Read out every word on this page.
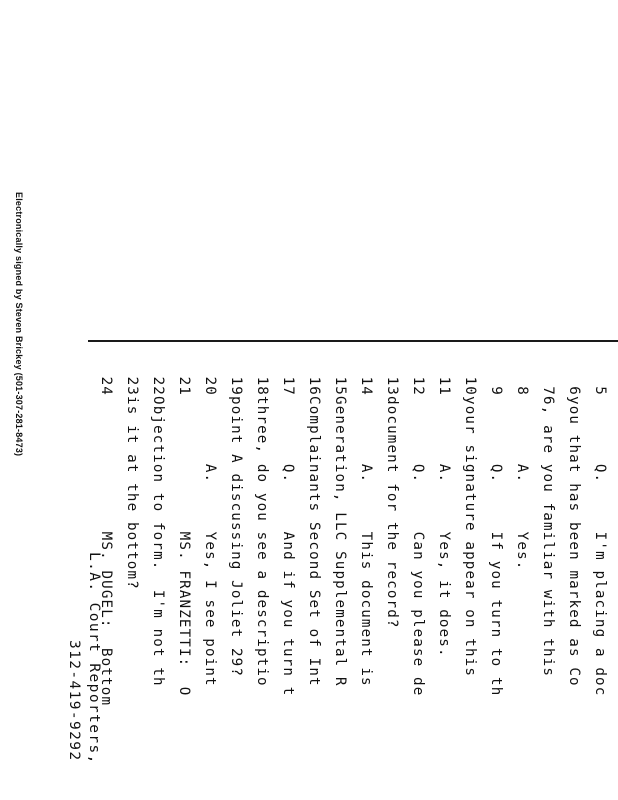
Electronically signed by Steven Brickey (501-307-281-8473)	5       Q.     I'm placing a doc
6you that has been marked as Co
76, are you familiar with this
8       A.     Yes.
9       Q.     If you turn to th
10your signature appear on this
11       A.     Yes, it does.
12       Q.     Can you please de
13document for the record?
14       A.     This document is
15Generation, LLC Supplemental R
16Complainants Second Set of Int
17       Q.     And if you turn t
18three, do you see a descriptio
19point A discussing Joliet 29?
20       A.     Yes, I see point
21              MS. FRANZETTI:  O
22Objection to form.  I'm not th
23is it at the bottom?
24              MS. DUGEL:  Bottom
L.A. Court Reporters,
312-419-9292
